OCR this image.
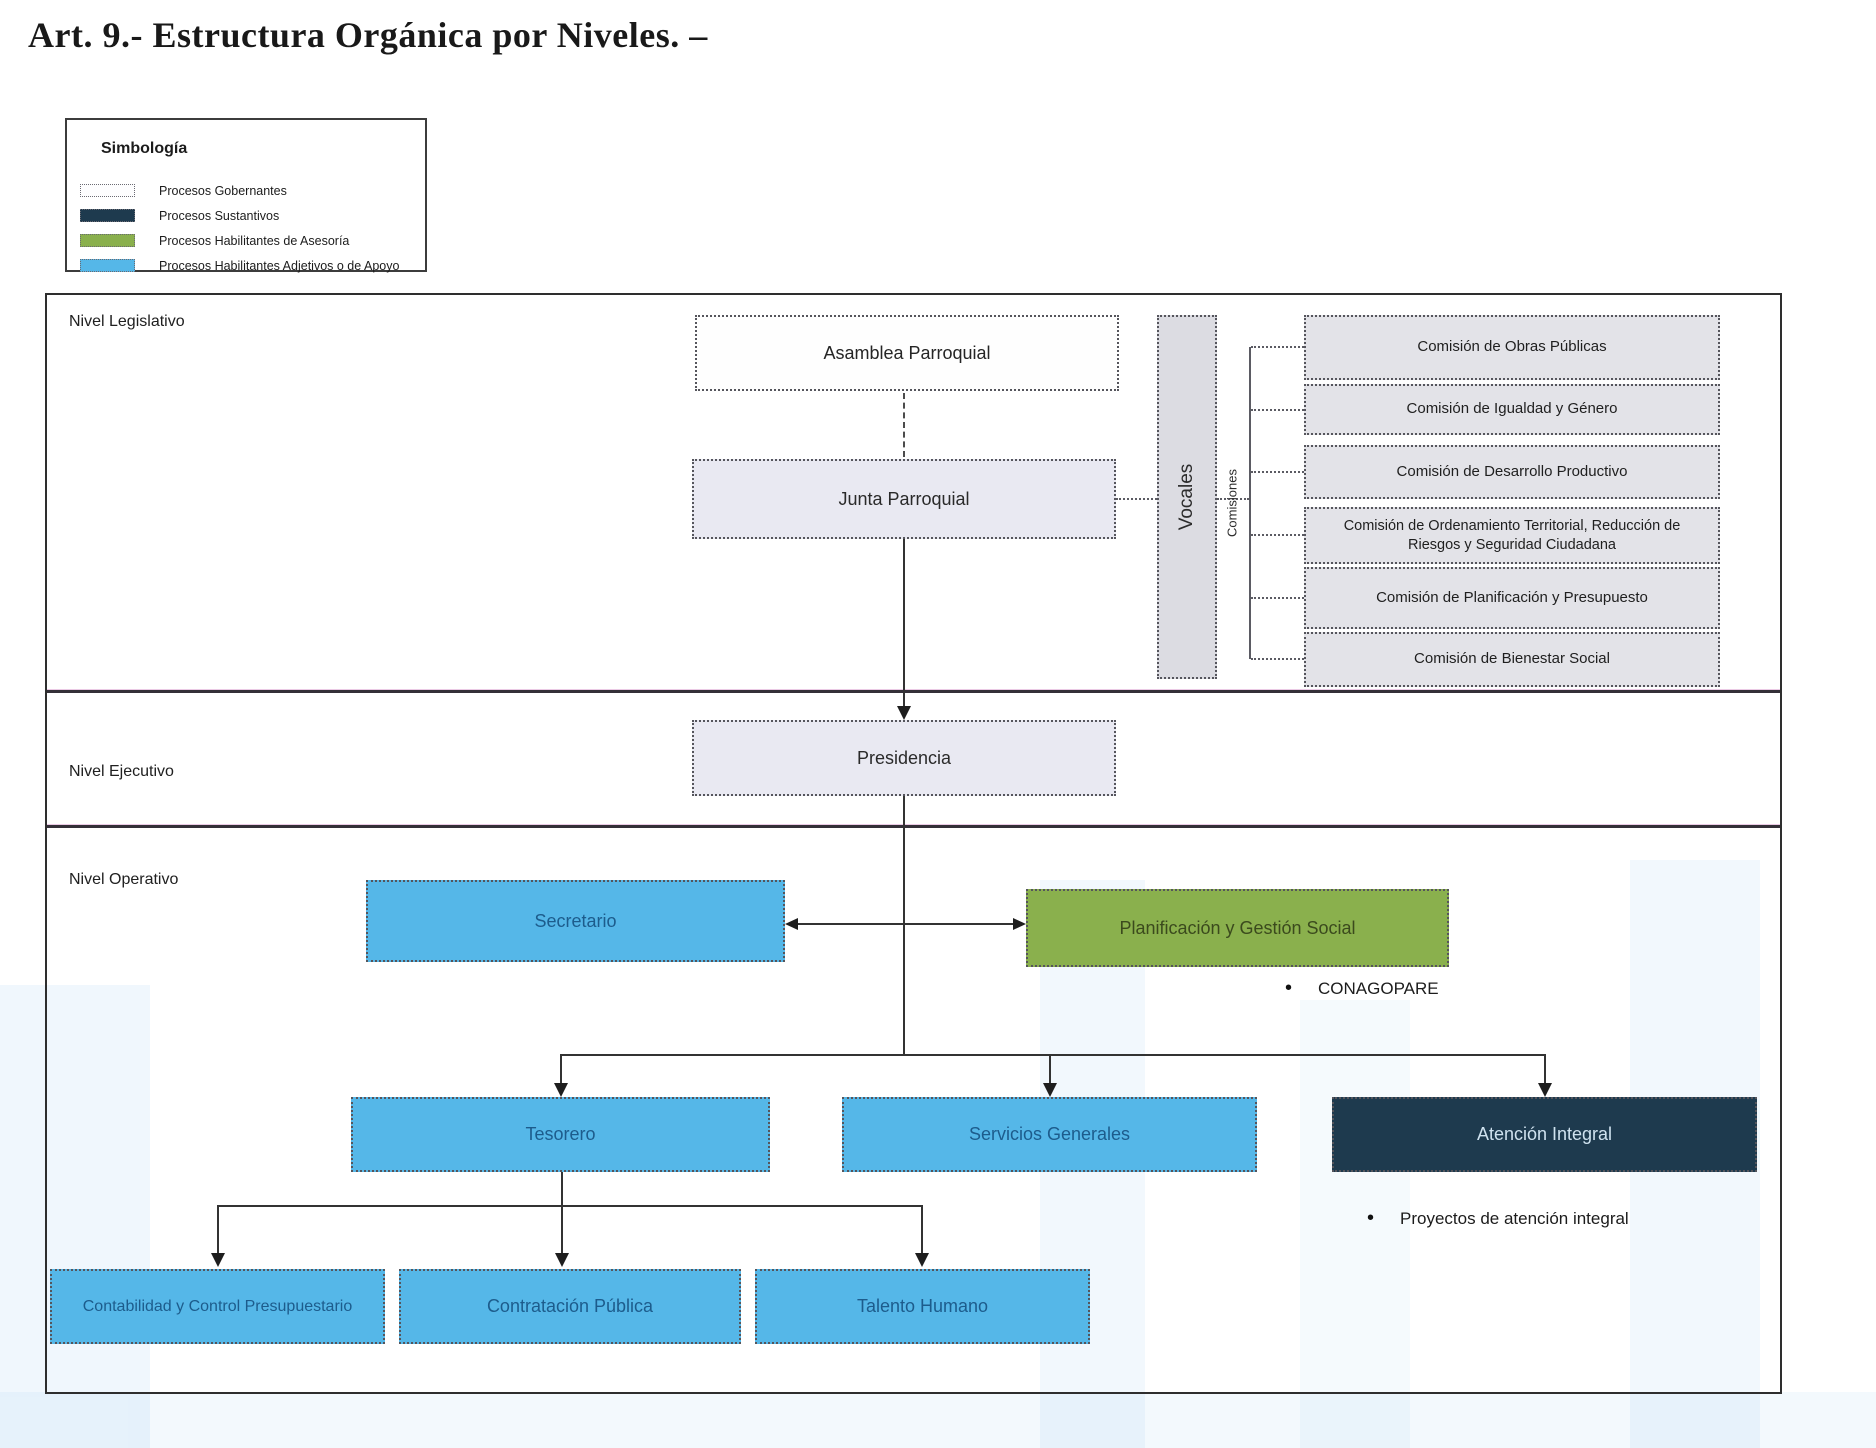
Art. 9.- Estructura Orgánica por Niveles. –
Simbología
Procesos Gobernantes
Procesos Sustantivos
Procesos Habilitantes de Asesoría
Procesos Habilitantes Adjetivos o de Apoyo
Nivel Legislativo
Nivel Ejecutivo
Nivel Operativo
Asamblea Parroquial
Junta Parroquial	Vocales Comisiones
Comisión de Obras Públicas
Comisión de Igualdad y Género
Comisión de Desarrollo Productivo
Comisión de Ordenamiento Territorial, Reducción de Riesgos y Seguridad Ciudadana
Comisión de Planificación y Presupuesto
Comisión de Bienestar Social
Presidencia
Secretario	Planificación y Gestión Social
• CONAGOPARE
Tesorero	Servicios Generales	Atención Integral
• Proyectos de atención integral
Contabilidad y Control Presupuestario	Contratación Pública	Talento Humano
